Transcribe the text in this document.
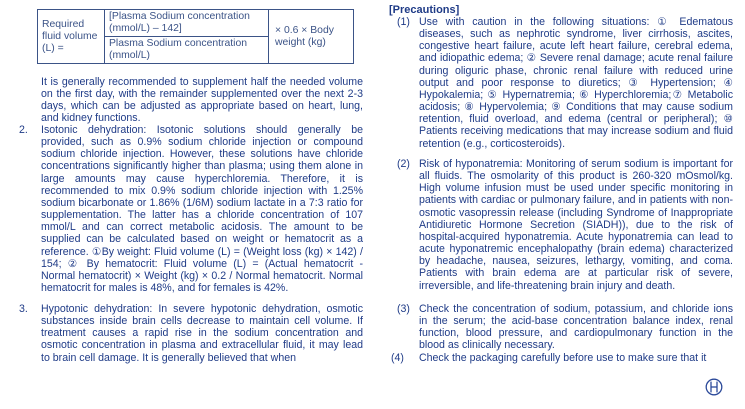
Required fluid volume (L) =	[Plasma Sodium concentration (mmol/L) – 142]	× 0.6 × Body weight (kg)
Plasma Sodium concentration (mmol/L)
It is generally recommended to supplement half the needed volume on the first day, with the remainder supplemented over the next 2-3 days, which can be adjusted as appropriate based on heart, lung, and kidney functions.
2. Isotonic dehydration: Isotonic solutions should generally be provided, such as 0.9% sodium chloride injection or compound sodium chloride injection. However, these solutions have chloride concentrations significantly higher than plasma; using them alone in large amounts may cause hyperchloremia. Therefore, it is recommended to mix 0.9% sodium chloride injection with 1.25% sodium bicarbonate or 1.86% (1/6M) sodium lactate in a 7:3 ratio for supplementation. The latter has a chloride concentration of 107 mmol/L and can correct metabolic acidosis. The amount to be supplied can be calculated based on weight or hematocrit as a reference. ①By weight: Fluid volume (L) = (Weight loss (kg) × 142) / 154; ② By hematocrit: Fluid volume (L) = (Actual hematocrit - Normal hematocrit) × Weight (kg) × 0.2 / Normal hematocrit. Normal hematocrit for males is 48%, and for females is 42%.
3. Hypotonic dehydration: In severe hypotonic dehydration, osmotic substances inside brain cells decrease to maintain cell volume. If treatment causes a rapid rise in the sodium concentration and osmotic concentration in plasma and extracellular fluid, it may lead to brain cell damage. It is generally believed that when
[Precautions]
(1) Use with caution in the following situations: ① Edematous diseases, such as nephrotic syndrome, liver cirrhosis, ascites, congestive heart failure, acute left heart failure, cerebral edema, and idiopathic edema; ② Severe renal damage; acute renal failure during oliguric phase, chronic renal failure with reduced urine output and poor response to diuretics; ③ Hypertension; ④ Hypokalemia; ⑤ Hypernatremia; ⑥ Hyperchloremia;⑦ Metabolic acidosis; ⑧ Hypervolemia; ⑨ Conditions that may cause sodium retention, fluid overload, and edema (central or peripheral); ⑩ Patients receiving medications that may increase sodium and fluid retention (e.g., corticosteroids).
(2) Risk of hyponatremia: Monitoring of serum sodium is important for all fluids. The osmolarity of this product is 260-320 mOsmol/kg. High volume infusion must be used under specific monitoring in patients with cardiac or pulmonary failure, and in patients with non-osmotic vasopressin release (including Syndrome of Inappropriate Antidiuretic Hormone Secretion (SIADH)), due to the risk of hospital-acquired hyponatremia. Acute hyponatremia can lead to acute hyponatremic encephalopathy (brain edema) characterized by headache, nausea, seizures, lethargy, vomiting, and coma. Patients with brain edema are at particular risk of severe, irreversible, and life-threatening brain injury and death.
(3) Check the concentration of sodium, potassium, and chloride ions in the serum; the acid-base concentration balance index, renal function, blood pressure, and cardiopulmonary function in the blood as clinically necessary.
(4) Check the packaging carefully before use to make sure that it
